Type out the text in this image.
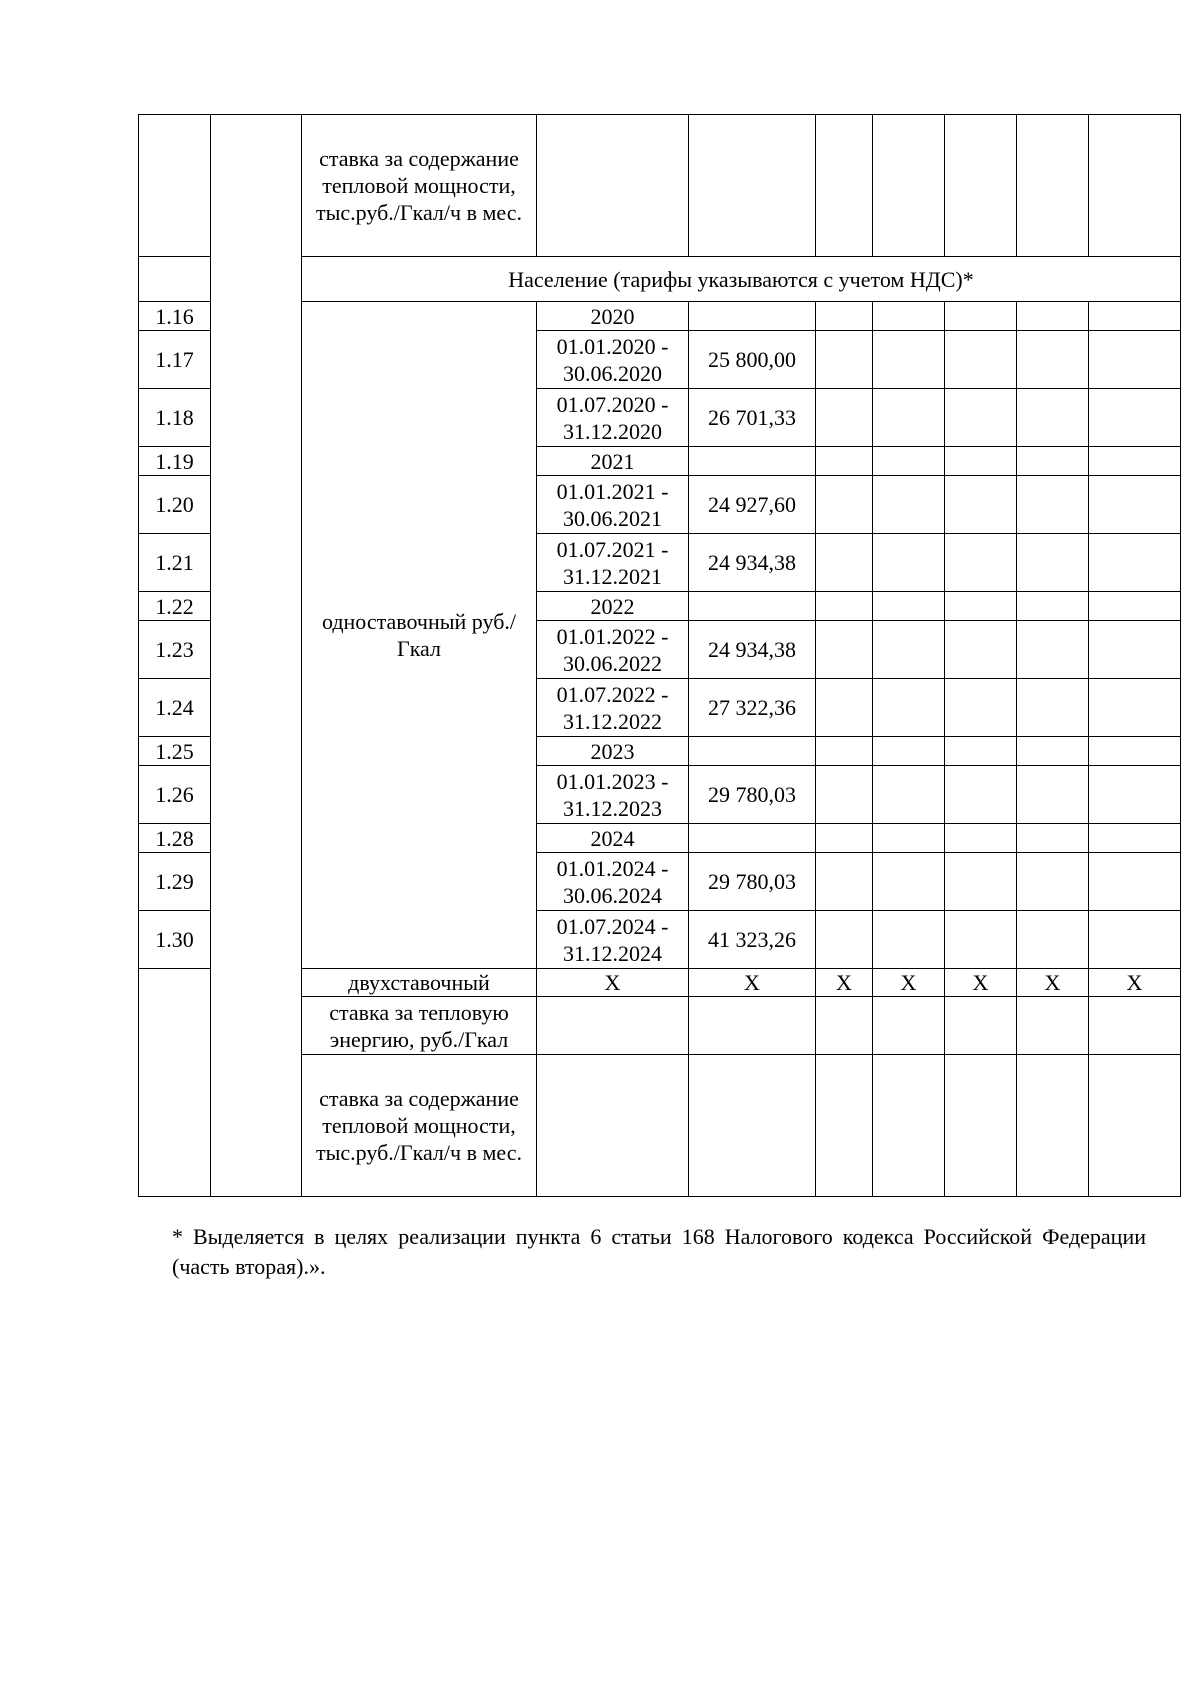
		ставка за содержание тепловой мощности, тыс.руб./Гкал/ч в мес.							
		Население (тарифы указываются с учетом НДС)*							
1.16		одноставочный руб./Гкал	2020						
1.17			01.01.2020 - 30.06.2020	25 800,00					
1.18			01.07.2020 - 31.12.2020	26 701,33					
1.19			2021						
1.20			01.01.2021 - 30.06.2021	24 927,60					
1.21			01.07.2021 - 31.12.2021	24 934,38					
1.22			2022						
1.23			01.01.2022 - 30.06.2022	24 934,38					
1.24			01.07.2022 - 31.12.2022	27 322,36					
1.25			2023						
1.26			01.01.2023 - 31.12.2023	29 780,03					
1.28			2024						
1.29			01.01.2024 - 30.06.2024	29 780,03					
1.30			01.07.2024 - 31.12.2024	41 323,26					
		двухставочный	Х	Х	Х	Х	Х	Х	Х
		ставка за тепловую энергию, руб./Гкал							
		ставка за содержание тепловой мощности, тыс.руб./Гкал/ч в мес.							
* Выделяется в целях реализации пункта 6 статьи 168 Налогового кодекса Российской Федерации (часть вторая).».
